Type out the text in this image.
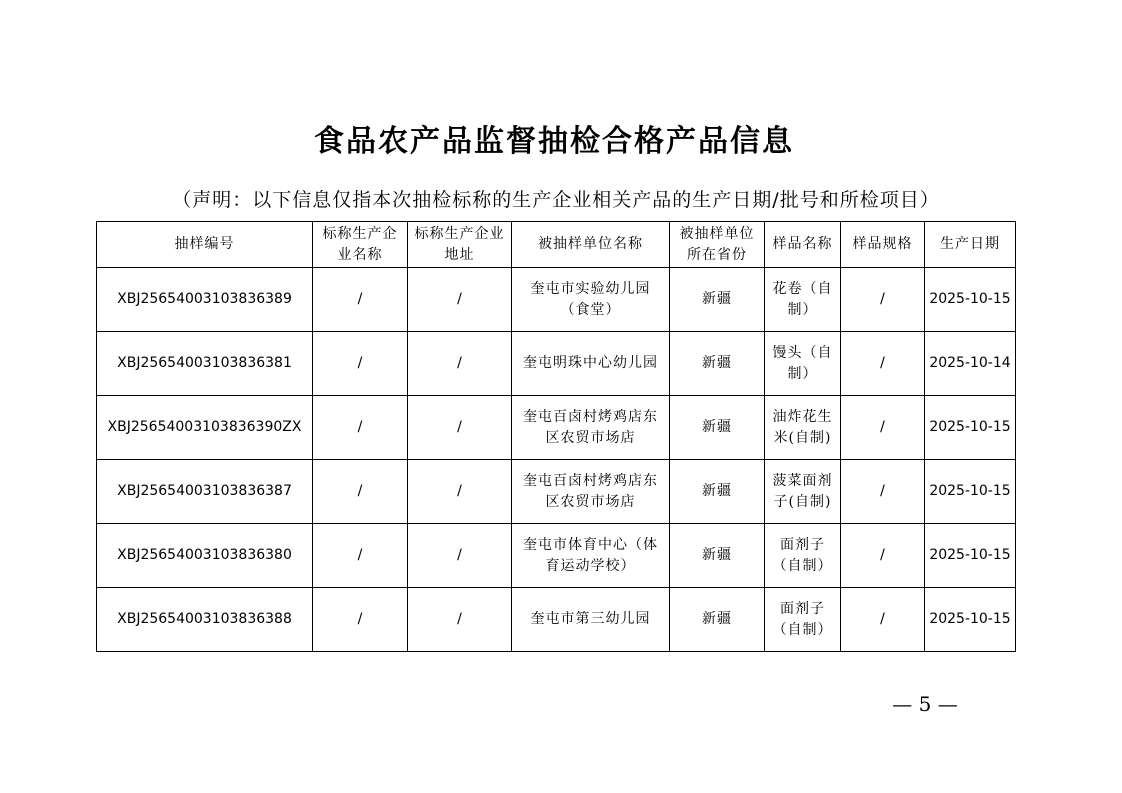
食品农产品监督抽检合格产品信息
（声明：以下信息仅指本次抽检标称的生产企业相关产品的生产日期/批号和所检项目）
抽样编号	标称生产企业名称	标称生产企业地址	被抽样单位名称	被抽样单位所在省份	样品名称	样品规格	生产日期
XBJ25654003103836389	/	/	奎屯市实验幼儿园（食堂）	新疆	花卷（自制）	/	2025-10-15
XBJ25654003103836381	/	/	奎屯明珠中心幼儿园	新疆	馒头（自制）	/	2025-10-14
XBJ25654003103836390ZX	/	/	奎屯百卤村烤鸡店东区农贸市场店	新疆	油炸花生米(自制)	/	2025-10-15
XBJ25654003103836387	/	/	奎屯百卤村烤鸡店东区农贸市场店	新疆	菠菜面剂子(自制)	/	2025-10-15
XBJ25654003103836380	/	/	奎屯市体育中心（体育运动学校）	新疆	面剂子（自制）	/	2025-10-15
XBJ25654003103836388	/	/	奎屯市第三幼儿园	新疆	面剂子（自制）	/	2025-10-15
— 5 —
